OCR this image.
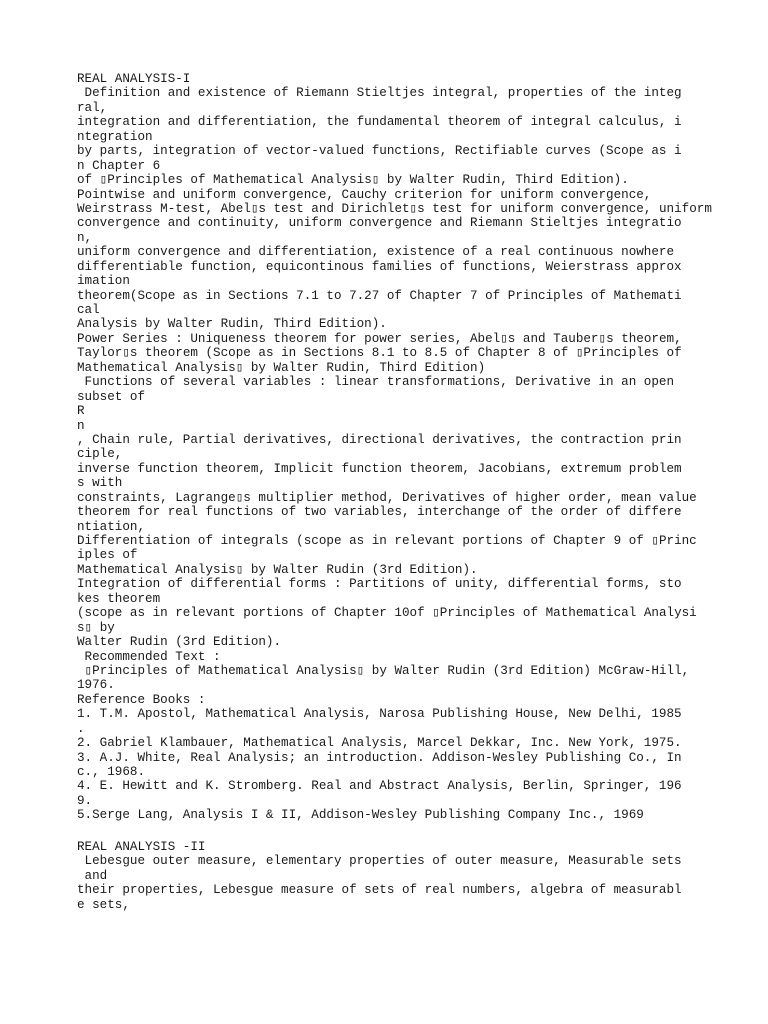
REAL ANALYSIS-I
Definition and existence of Riemann Stieltjes integral, properties of the integ
ral,
integration and differentiation, the fundamental theorem of integral calculus, i
ntegration
by parts, integration of vector-valued functions, Rectifiable curves (Scope as i
n Chapter 6
of ▯Principles of Mathematical Analysis▯ by Walter Rudin, Third Edition).
Pointwise and uniform convergence, Cauchy criterion for uniform convergence,
Weirstrass M-test, Abel▯s test and Dirichlet▯s test for uniform convergence, uniform
convergence and continuity, uniform convergence and Riemann Stieltjes integratio
n,
uniform convergence and differentiation, existence of a real continuous nowhere
differentiable function, equicontinous families of functions, Weierstrass approx
imation
theorem(Scope as in Sections 7.1 to 7.27 of Chapter 7 of Principles of Mathemati
cal
Analysis by Walter Rudin, Third Edition).
Power Series : Uniqueness theorem for power series, Abel▯s and Tauber▯s theorem,
Taylor▯s theorem (Scope as in Sections 8.1 to 8.5 of Chapter 8 of ▯Principles of
Mathematical Analysis▯ by Walter Rudin, Third Edition)
Functions of several variables : linear transformations, Derivative in an open
subset of
R
n
, Chain rule, Partial derivatives, directional derivatives, the contraction prin
ciple,
inverse function theorem, Implicit function theorem, Jacobians, extremum problem
s with
constraints, Lagrange▯s multiplier method, Derivatives of higher order, mean value
theorem for real functions of two variables, interchange of the order of differe
ntiation,
Differentiation of integrals (scope as in relevant portions of Chapter 9 of ▯Princ
iples of
Mathematical Analysis▯ by Walter Rudin (3rd Edition).
Integration of differential forms : Partitions of unity, differential forms, sto
kes theorem
(scope as in relevant portions of Chapter 10of ▯Principles of Mathematical Analysi
s▯ by
Walter Rudin (3rd Edition).
Recommended Text :
▯Principles of Mathematical Analysis▯ by Walter Rudin (3rd Edition) McGraw-Hill,
1976.
Reference Books :
1. T.M. Apostol, Mathematical Analysis, Narosa Publishing House, New Delhi, 1985
.
2. Gabriel Klambauer, Mathematical Analysis, Marcel Dekkar, Inc. New York, 1975.
3. A.J. White, Real Analysis; an introduction. Addison-Wesley Publishing Co., In
c., 1968.
4. E. Hewitt and K. Stromberg. Real and Abstract Analysis, Berlin, Springer, 196
9.
5.Serge Lang, Analysis I & II, Addison-Wesley Publishing Company Inc., 1969
REAL ANALYSIS -II
Lebesgue outer measure, elementary properties of outer measure, Measurable sets
and
their properties, Lebesgue measure of sets of real numbers, algebra of measurabl
e sets,
